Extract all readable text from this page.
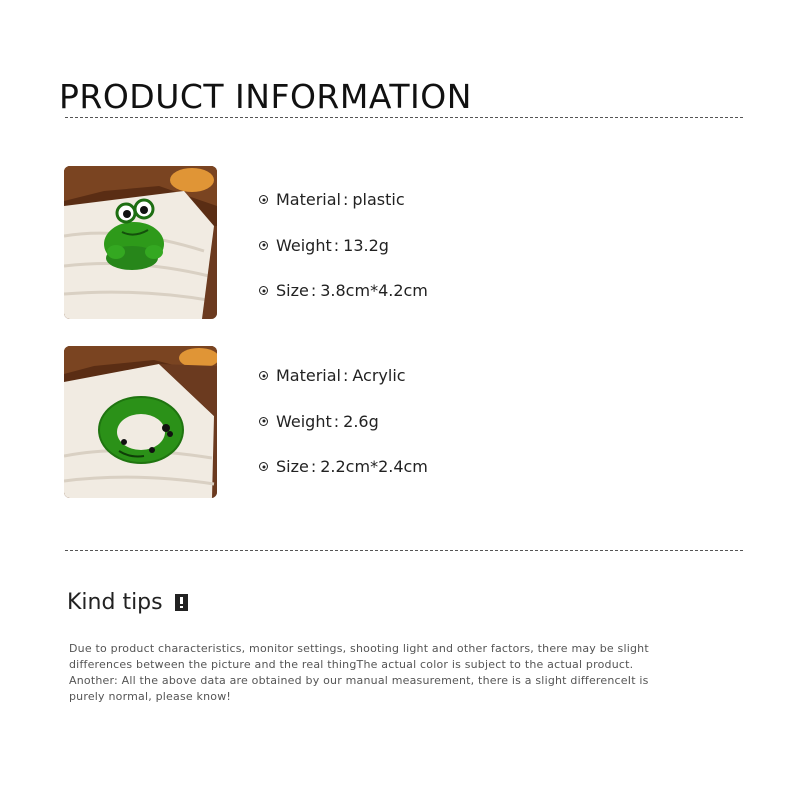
PRODUCT INFORMATION
Material : plastic
Weight : 13.2g
Size : 3.8cm*4.2cm
Material : Acrylic
Weight : 2.6g
Size : 2.2cm*2.4cm
Kind tips
Due to product characteristics, monitor settings, shooting light and other factors, there may be slight
differences between the picture and the real thingThe actual color is subject to the actual product.
Another: All the above data are obtained by our manual measurement, there is a slight differenceIt is
purely normal, please know!
